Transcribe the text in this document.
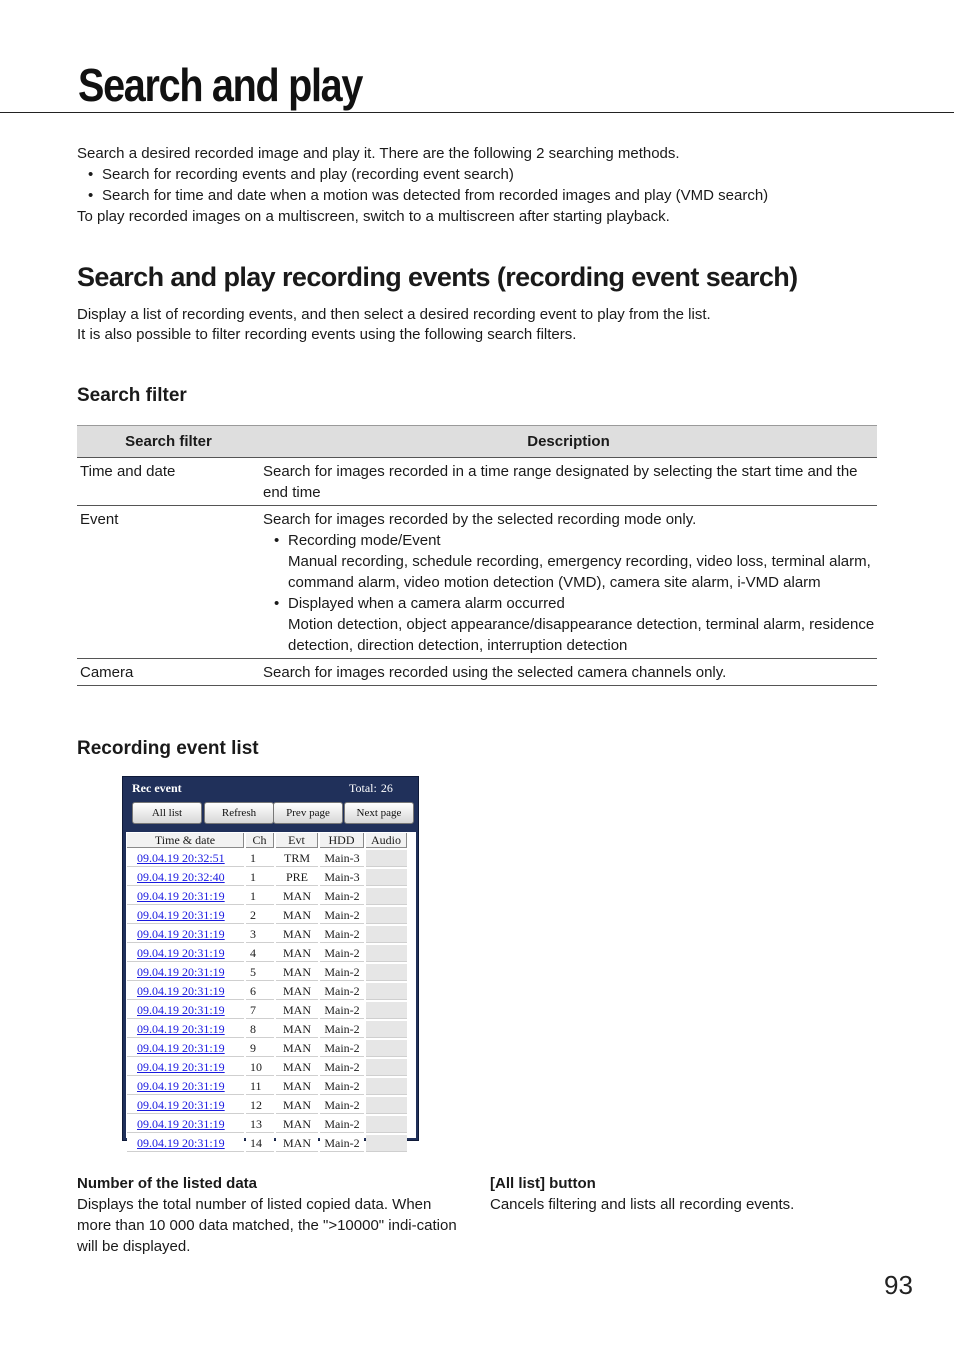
Search and play

Search a desired recorded image and play it. There are the following 2 searching methods.

• Search for recording events and play (recording event search)
• Search for time and date when a motion was detected from recorded images and play (VMD search)

To play recorded images on a multiscreen, switch to a multiscreen after starting playback.

Search and play recording events (recording event search)

Display a list of recording events, and then select a desired recording event to play from the list.

It is also possible to filter recording events using the following search filters.

Search filter
Search filter	Description
Time and date	Search for images recorded in a time range designated by selecting the start time and the end time
Event	Search for images recorded by the selected recording mode only.
• Recording mode/Event
Manual recording, schedule recording, emergency recording, video loss, terminal alarm, command alarm, video motion detection (VMD), camera site alarm, i-VMD alarm
• Displayed when a camera alarm occurred
Motion detection, object appearance/disappearance detection, terminal alarm, residence detection, direction detection, interruption detection

Camera	Search for images recorded using the selected camera channels only.
Recording event list
Rec event	Total: 26
All list	Refresh	Prev page	Next page
Time & date	Ch	Evt	HDD	Audio
09.04.19 20:32:51	1	TRM	Main-3	
09.04.19 20:32:40	1	PRE	Main-3	
09.04.19 20:31:19	1	MAN	Main-2	
09.04.19 20:31:19	2	MAN	Main-2	
09.04.19 20:31:19	3	MAN	Main-2	
09.04.19 20:31:19	4	MAN	Main-2	
09.04.19 20:31:19	5	MAN	Main-2	
09.04.19 20:31:19	6	MAN	Main-2	
09.04.19 20:31:19	7	MAN	Main-2	
09.04.19 20:31:19	8	MAN	Main-2	
09.04.19 20:31:19	9	MAN	Main-2	
09.04.19 20:31:19	10	MAN	Main-2	
09.04.19 20:31:19	11	MAN	Main-2	
09.04.19 20:31:19	12	MAN	Main-2	
09.04.19 20:31:19	13	MAN	Main-2	
09.04.19 20:31:19	14	MAN	Main-2	

Number of the listed data

Displays the total number of listed copied data. When more than 10 000 data matched, the ">10000" indi-cation will be displayed.

[All list] button

Cancels filtering and lists all recording events.

93
